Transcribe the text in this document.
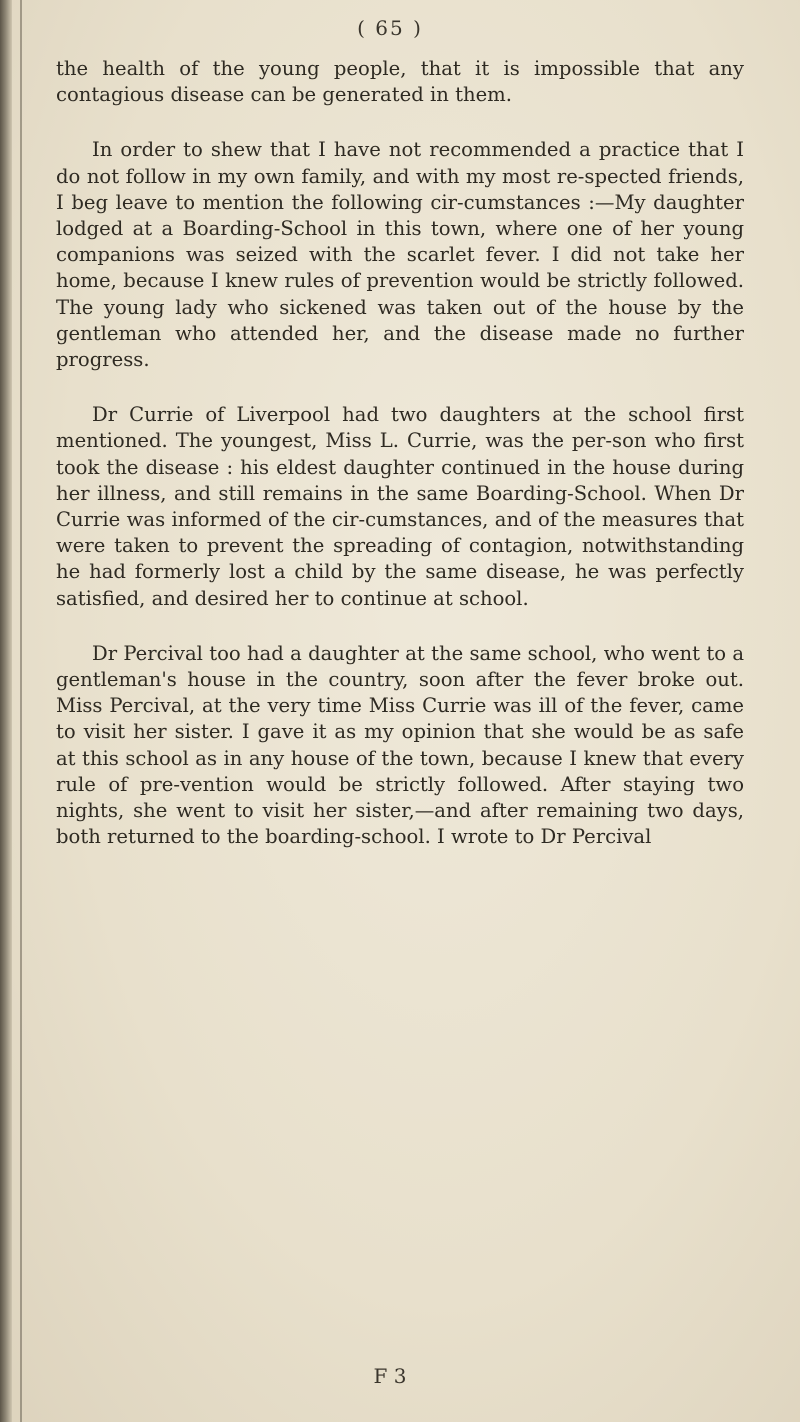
( 65 )

the health of the young people, that it is impossible that any contagious disease can be generated in them.

In order to shew that I have not recommended a practice that I do not follow in my own family, and with my most re-spected friends, I beg leave to mention the following cir-cumstances :—My daughter lodged at a Boarding-School in this town, where one of her young companions was seized with the scarlet fever. I did not take her home, because I knew rules of prevention would be strictly followed. The young lady who sickened was taken out of the house by the gentleman who attended her, and the disease made no further progress.

Dr Currie of Liverpool had two daughters at the school first mentioned. The youngest, Miss L. Currie, was the per-son who first took the disease : his eldest daughter continued in the house during her illness, and still remains in the same Boarding-School. When Dr Currie was informed of the cir-cumstances, and of the measures that were taken to prevent the spreading of contagion, notwithstanding he had formerly lost a child by the same disease, he was perfectly satisfied, and desired her to continue at school.

Dr Percival too had a daughter at the same school, who went to a gentleman's house in the country, soon after the fever broke out. Miss Percival, at the very time Miss Currie was ill of the fever, came to visit her sister. I gave it as my opinion that she would be as safe at this school as in any house of the town, because I knew that every rule of pre-vention would be strictly followed. After staying two nights, she went to visit her sister,—and after remaining two days, both returned to the boarding-school. I wrote to Dr Percival

F 3
